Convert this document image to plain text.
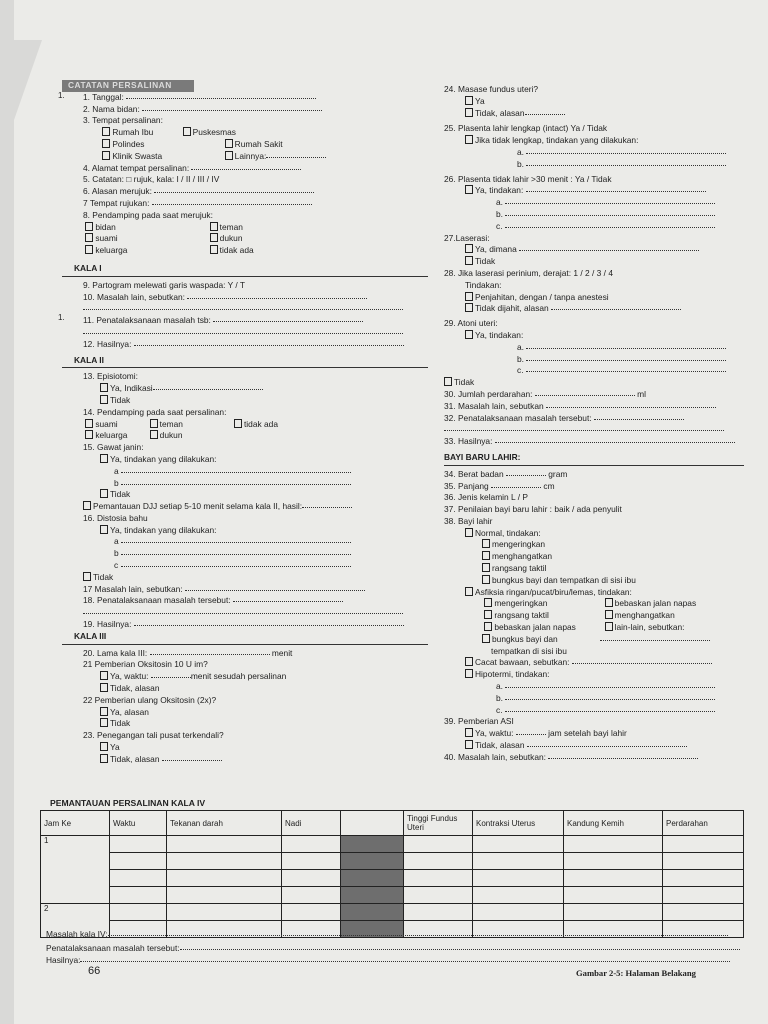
CATATAN PERSALINAN
1. Tanggal:
2. Nama bidan:
3. Tempat persalinan:
Rumah Ibu	Puskesmas
Polindes	Rumah Sakit
Klinik Swasta	Lainnya:
4. Alamat tempat persalinan:
5. Catatan: □ rujuk, kala: I / II / III / IV
6. Alasan merujuk:
7 Tempat rujukan:
8. Pendamping pada saat merujuk:
bidan	teman
suami	dukun
keluarga	tidak ada
KALA I
9. Partogram melewati garis waspada: Y / T
10. Masalah lain, sebutkan:
11. Penatalaksanaan masalah tsb:
12. Hasilnya:
KALA II
13. Episiotomi:
Ya, Indikasi
Tidak
14. Pendamping pada saat persalinan:
suami	teman	tidak ada
keluarga	dukun
15. Gawat janin:
Ya, tindakan yang dilakukan:
a
b
Tidak
Pemantauan DJJ setiap 5-10 menit selama kala II, hasil:
16. Distosia bahu
Ya, tindakan yang dilakukan:
a
b
c
Tidak
17 Masalah lain, sebutkan:
18. Penatalaksanaan masalah tersebut:
19. Hasilnya:
KALA III
20. Lama kala III:	menit
21 Pemberian Oksitosin 10 U im?
Ya, waktu:	menit sesudah persalinan
Tidak, alasan
22 Pemberian ulang Oksitosin (2x)?
Ya, alasan
Tidak
23. Penegangan tali pusat terkendali?
Ya
Tidak, alasan
1.
1.
24. Masase fundus uteri?
Ya
Tidak, alasan
25. Plasenta lahir lengkap (intact) Ya / Tidak
Jika tidak lengkap, tindakan yang dilakukan:
a.
b.
26. Plasenta tidak lahir >30 menit : Ya / Tidak
Ya, tindakan:
a.
b.
c.
27.Laserasi:
Ya, dimana
Tidak
28. Jika laserasi perinium, derajat: 1 / 2 / 3 / 4
Tindakan:
Penjahitan, dengan / tanpa anestesi
Tidak dijahit, alasan
29. Atoni uteri:
Ya, tindakan:
a.
b.
c.
Tidak
30. Jumlah perdarahan:	ml
31. Masalah lain, sebutkan
32. Penatalaksanaan masalah tersebut:
33. Hasilnya:
BAYI BARU LAHIR:
34. Berat badan	gram
35. Panjang	cm
36. Jenis kelamin L / P
37. Penilaian bayi baru lahir : baik / ada penyulit
38. Bayi lahir
Normal, tindakan:
mengeringkan
menghangatkan
rangsang taktil
bungkus bayi dan tempatkan di sisi ibu
Asfiksia ringan/pucat/biru/lemas, tindakan:
mengeringkan	bebaskan jalan napas
rangsang taktil	menghangatkan
bebaskan jalan napas	lain-lain, sebutkan:
bungkus bayi dan
tempatkan di sisi ibu
Cacat bawaan, sebutkan:
Hipotermi, tindakan:
a.
b.
c.
39. Pemberian ASI
Ya, waktu:	jam setelah bayi lahir
Tidak, alasan
40. Masalah lain, sebutkan:
PEMANTAUAN PERSALINAN KALA IV
Jam Ke	Waktu	Tekanan darah	Nadi		Tinggi Fundus Uteri	Kontraksi Uterus	Kandung Kemih	Perdarahan
1								

2								

Masalah kala IV:
Penatalaksanaan masalah tersebut:
Hasilnya:
66	Gambar 2-5: Halaman Belakang
